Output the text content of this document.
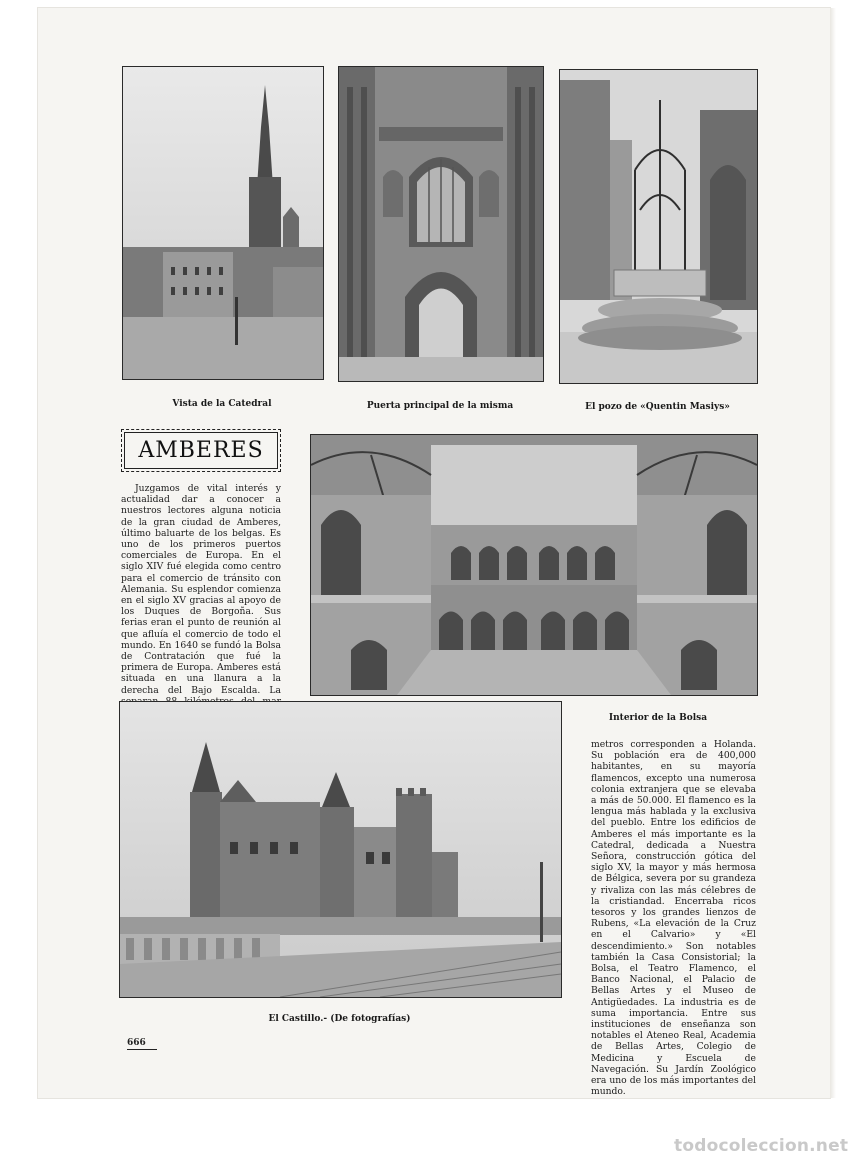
Vista de la Catedral	Puerta principal de la misma	El pozo de «Quentin Masiys»
AMBERES

Juzgamos de vital interés y actualidad dar a conocer a nuestros lectores alguna noticia de la gran ciudad de Amberes, último baluarte de los belgas. Es uno de los primeros puertos comerciales de Europa. En el siglo XIV fué elegida como centro para el comercio de tránsito con Alemania. Su esplendor comienza en el siglo XV gracias al apoyo de los Duques de Borgoña. Sus ferias eran el punto de reunión al que afluía el comercio de todo el mundo. En 1640 se fundó la Bolsa de Contratación que fué la primera de Europa. Amberes está situada en una llanura a la derecha del Bajo Escalda. La

Interior de la Bolsa
El Castillo.- (De fotografías)

metros corresponden a Holanda. Su población era de 400,000 habitantes, en su mayoría flamencos, excepto una numerosa colonia extranjera que se elevaba a más de 50.000. El flamenco es la lengua más hablada y la exclusiva del pueblo. Entre los edificios de Amberes el más importante es la Catedral, dedicada a Nuestra Señora, construcción gótica del siglo XV, la mayor y más hermosa de Bélgica, severa por su grandeza y rivaliza con las más célebres de la cristiandad. Encerraba ricos tesoros y los grandes lienzos de Rubens, «La elevación de la Cruz en el Calvario» y «El descendimiento.» Son notables también la Casa Consistorial; la Bolsa, el Teatro Flamenco, el Banco Nacional, el Palacio de Bellas Artes y el Museo de Antigüedades. La industria es de suma importancia. Entre sus instituciones de enseñanza son notables el Ateneo Real, Academia de Bellas Artes, Colegio de Medicina y Escuela de Navegación. Su Jardín Zoológico era uno de los más importantes del mundo.

666
todocoleccion.net
